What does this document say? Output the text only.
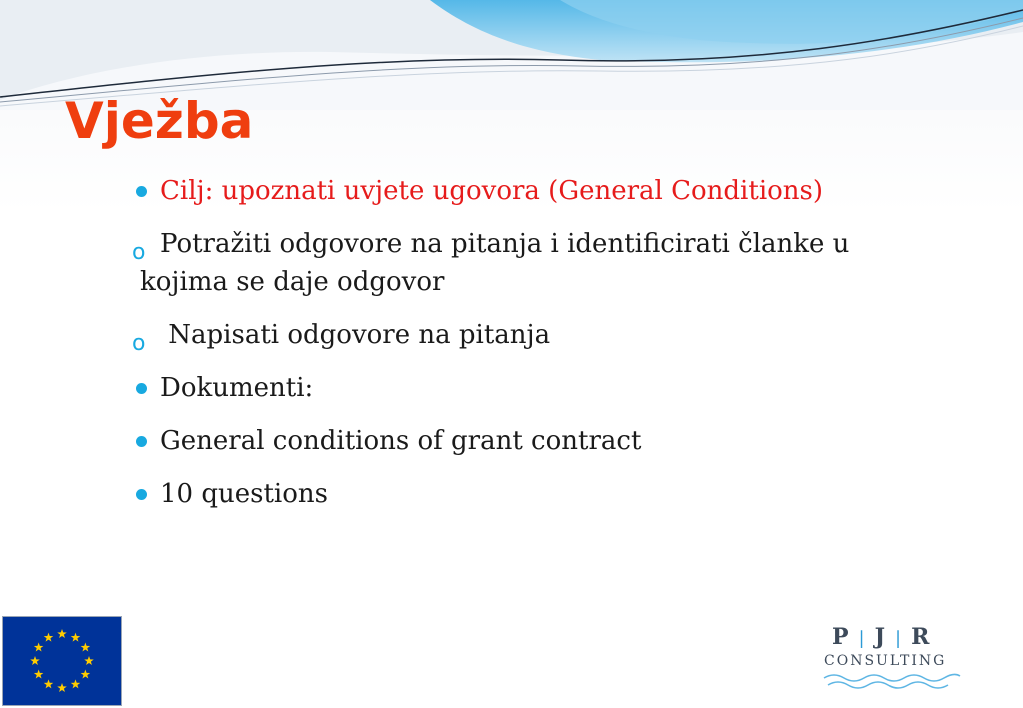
Vježba
Cilj: upoznati uvjete ugovora (General Conditions)
o Potražiti odgovore na pitanja i identificirati članke u
kojima se daje odgovor
o Napisati odgovore na pitanja
Dokumenti:
General conditions of grant contract
10 questions
P | J | R
CONSULTING
